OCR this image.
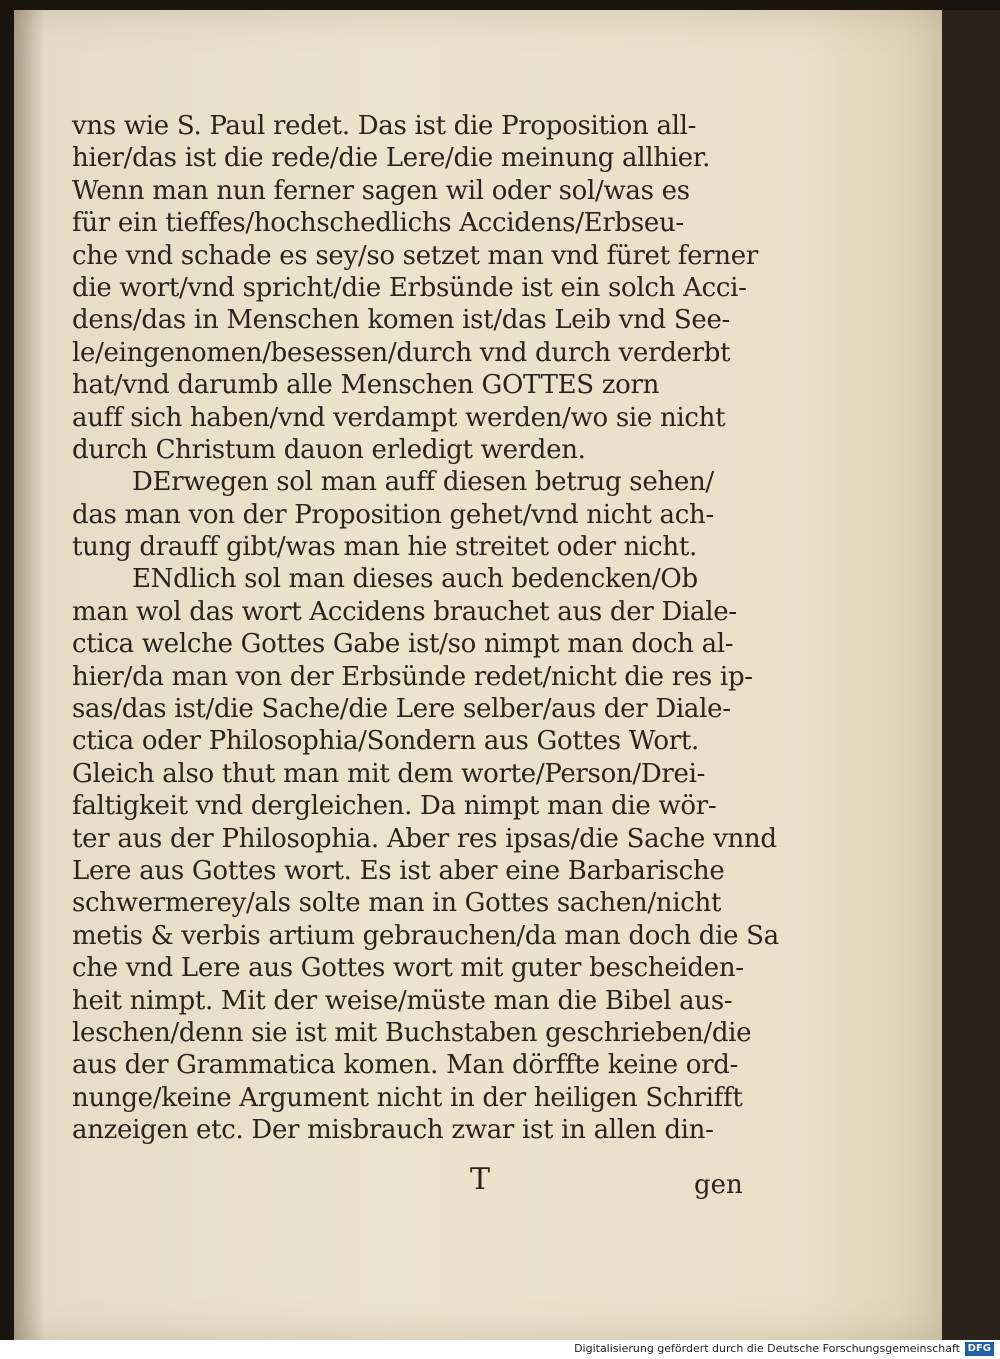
vns wie S. Paul redet. Das ist die Proposition all-
hier/das ist die rede/die Lere/die meinung allhier.
Wenn man nun ferner sagen wil oder sol/was es
für ein tieffes/hochschedlichs Accidens/Erbseu-
che vnd schade es sey/so setzet man vnd füret ferner
die wort/vnd spricht/die Erbsünde ist ein solch Acci-
dens/das in Menschen komen ist/das Leib vnd See-
le/eingenomen/besessen/durch vnd durch verderbt
hat/vnd darumb alle Menschen GOTTES zorn
auff sich haben/vnd verdampt werden/wo sie nicht
durch Christum dauon erledigt werden.
DErwegen sol man auff diesen betrug sehen/
das man von der Proposition gehet/vnd nicht ach-
tung drauff gibt/was man hie streitet oder nicht.
ENdlich sol man dieses auch bedencken/Ob
man wol das wort Accidens brauchet aus der Diale-
ctica welche Gottes Gabe ist/so nimpt man doch al-
hier/da man von der Erbsünde redet/nicht die res ip-
sas/das ist/die Sache/die Lere selber/aus der Diale-
ctica oder Philosophia/Sondern aus Gottes Wort.
Gleich also thut man mit dem worte/Person/Drei-
faltigkeit vnd dergleichen. Da nimpt man die wör-
ter aus der Philosophia. Aber res ipsas/die Sache vnnd
Lere aus Gottes wort. Es ist aber eine Barbarische
schwermerey/als solte man in Gottes sachen/nicht
metis & verbis artium gebrauchen/da man doch die Sa
che vnd Lere aus Gottes wort mit guter bescheiden-
heit nimpt. Mit der weise/müste man die Bibel aus-
leschen/denn sie ist mit Buchstaben geschrieben/die
aus der Grammatica komen. Man dörffte keine ord-
nunge/keine Argument nicht in der heiligen Schrifft
anzeigen etc. Der misbrauch zwar ist in allen din-
T	gen
Digitalisierung gefördert durch die Deutsche Forschungsgemeinschaft DFG
